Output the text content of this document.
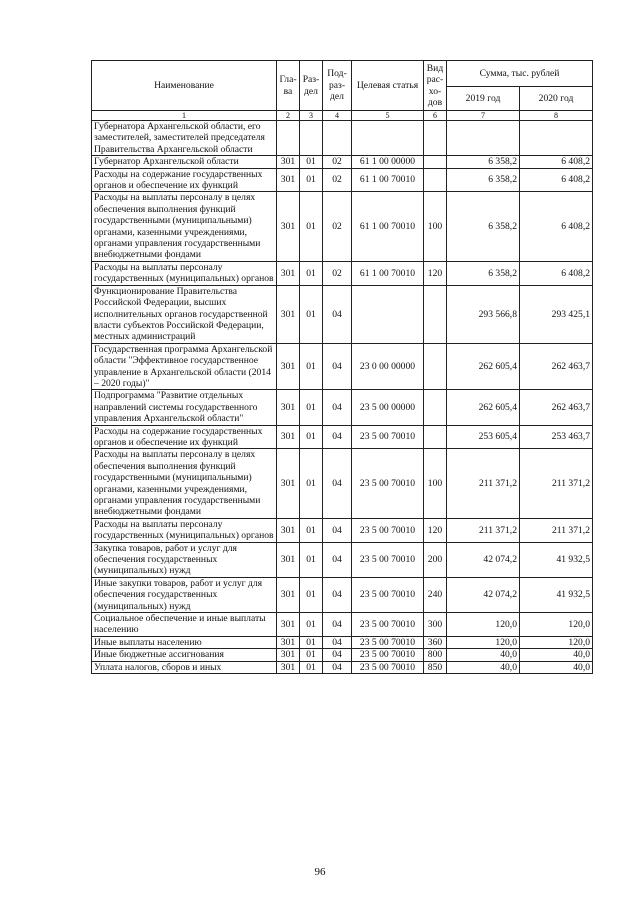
Наименование	Гла-ва	Раз-дел	Под-раз-дел	Целевая статья	Вид рас-хо-дов	Сумма, тыс. рублей	
						2019 год	2020 год
1	2	3	4	5	6	7	8
Губернатора Архангельской области, его заместителей, заместителей председателя Правительства Архангельской области							
Губернатор Архангельской области	301	01	02	61 1 00 00000		6 358,2	6 408,2
Расходы на содержание государственных органов и обеспечение их функций	301	01	02	61 1 00 70010		6 358,2	6 408,2
Расходы на выплаты персоналу в целях обеспечения выполнения функций государственными (муниципальными) органами, казенными учреждениями, органами управления государственными внебюджетными фондами	301	01	02	61 1 00 70010	100	6 358,2	6 408,2
Расходы на выплаты персоналу государственных (муниципальных) органов	301	01	02	61 1 00 70010	120	6 358,2	6 408,2
Функционирование Правительства Российской Федерации, высших исполнительных органов государственной власти субъектов Российской Федерации, местных администраций	301	01	04			293 566,8	293 425,1
Государственная программа Архангельской области "Эффективное государственное управление в Архангельской области (2014 – 2020 годы)"	301	01	04	23 0 00 00000		262 605,4	262 463,7
Подпрограмма "Развитие отдельных направлений системы государственного управления Архангельской области"	301	01	04	23 5 00 00000		262 605,4	262 463,7
Расходы на содержание государственных органов и обеспечение их функций	301	01	04	23 5 00 70010		253 605,4	253 463,7
Расходы на выплаты персоналу в целях обеспечения выполнения функций государственными (муниципальными) органами, казенными учреждениями, органами управления государственными внебюджетными фондами	301	01	04	23 5 00 70010	100	211 371,2	211 371,2
Расходы на выплаты персоналу государственных (муниципальных) органов	301	01	04	23 5 00 70010	120	211 371,2	211 371,2
Закупка товаров, работ и услуг для обеспечения государственных (муниципальных) нужд	301	01	04	23 5 00 70010	200	42 074,2	41 932,5
Иные закупки товаров, работ и услуг для обеспечения государственных (муниципальных) нужд	301	01	04	23 5 00 70010	240	42 074,2	41 932,5
Социальное обеспечение и иные выплаты населению	301	01	04	23 5 00 70010	300	120,0	120,0
Иные выплаты населению	301	01	04	23 5 00 70010	360	120,0	120,0
Иные бюджетные ассигнования	301	01	04	23 5 00 70010	800	40,0	40,0
Уплата налогов, сборов и иных	301	01	04	23 5 00 70010	850	40,0	40,0
96
